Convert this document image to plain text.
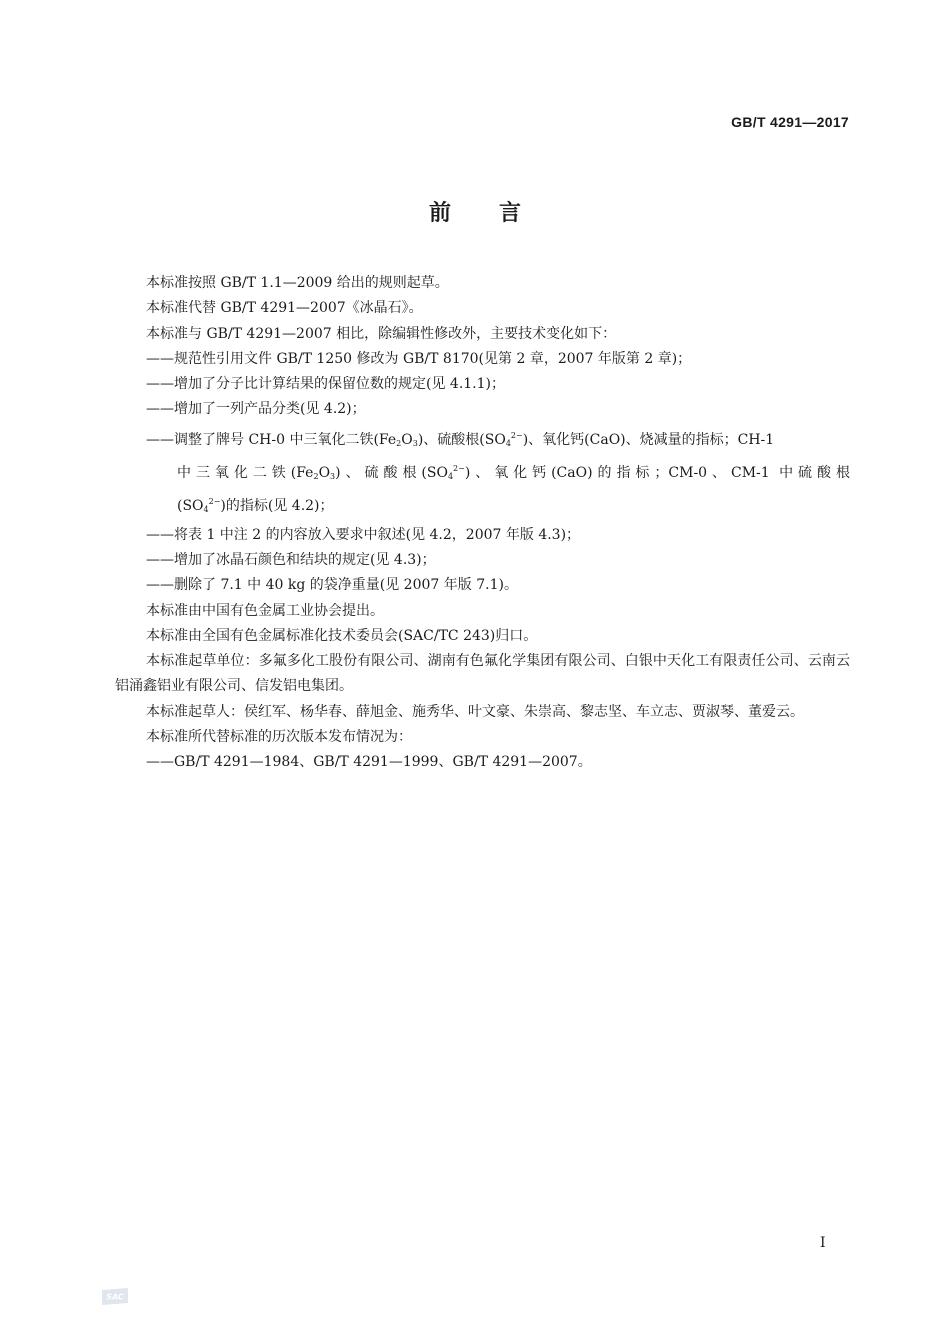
GB/T 4291—2017
前言

本标准按照 GB/T 1.1—2009 给出的规则起草。

本标准代替 GB/T 4291—2007《冰晶石》。

本标准与 GB/T 4291—2007 相比，除编辑性修改外，主要技术变化如下：

——规范性引用文件 GB/T 1250 修改为 GB/T 8170(见第 2 章，2007 年版第 2 章)；

——增加了分子比计算结果的保留位数的规定(见 4.1.1)；

——增加了一列产品分类(见 4.2)；

——调整了牌号 CH-0 中三氧化二铁$(Fe_2O_3)$、硫酸根$(SO_4^{2-})$、氧化钙(CaO)、烧减量的指标；CH-1
中三氧化二铁$(Fe_2O_3)$、硫酸根$(SO_4^{2-})$、氧化钙(CaO)的指标；CM-0、CM-1 中硫酸根
$(SO_4^{2-})$的指标(见 4.2)；

——将表 1 中注 2 的内容放入要求中叙述(见 4.2，2007 年版 4.3)；

——增加了冰晶石颜色和结块的规定(见 4.3)；

——删除了 7.1 中 40 kg 的袋净重量(见 2007 年版 7.1)。

本标准由中国有色金属工业协会提出。

本标准由全国有色金属标准化技术委员会(SAC/TC 243)归口。

本标准起草单位：多氟多化工股份有限公司、湖南有色氟化学集团有限公司、白银中天化工有限责任公司、云南云铝涌鑫铝业有限公司、信发铝电集团。

本标准起草人：侯红军、杨华春、薛旭金、施秀华、叶文豪、朱崇高、黎志坚、车立志、贾淑琴、董爱云。

本标准所代替标准的历次版本发布情况为：

——GB/T 4291—1984、GB/T 4291—1999、GB/T 4291—2007。

I
SAC
